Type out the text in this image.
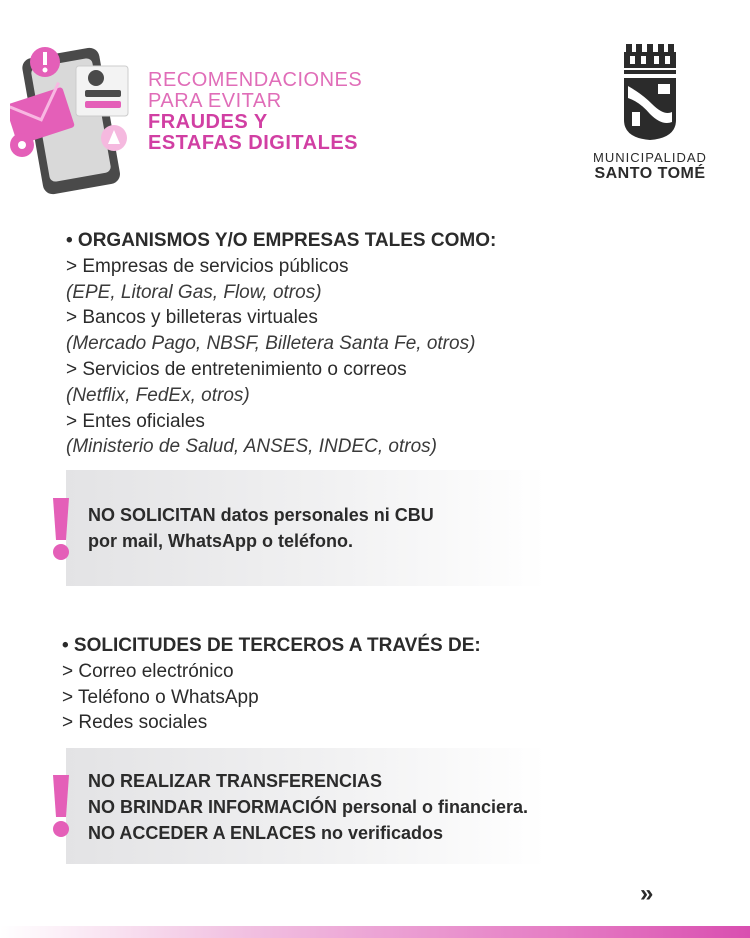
RECOMENDACIONES
PARA EVITAR
FRAUDES Y
ESTAFAS DIGITALES
MUNICIPALIDAD
SANTO TOMÉ
• ORGANISMOS Y/O EMPRESAS TALES COMO:
> Empresas de servicios públicos
(EPE, Litoral Gas, Flow, otros)
> Bancos y billeteras virtuales
(Mercado Pago, NBSF, Billetera Santa Fe, otros)
> Servicios de entretenimiento o correos
(Netflix, FedEx, otros)
> Entes oficiales
(Ministerio de Salud, ANSES, INDEC, otros)
NO SOLICITAN datos personales ni CBU
por mail, WhatsApp o teléfono.
• SOLICITUDES DE TERCEROS A TRAVÉS DE:
> Correo electrónico
> Teléfono o WhatsApp
> Redes sociales
NO REALIZAR TRANSFERENCIAS
NO BRINDAR INFORMACIÓN personal o financiera.
NO ACCEDER A ENLACES no verificados
»
